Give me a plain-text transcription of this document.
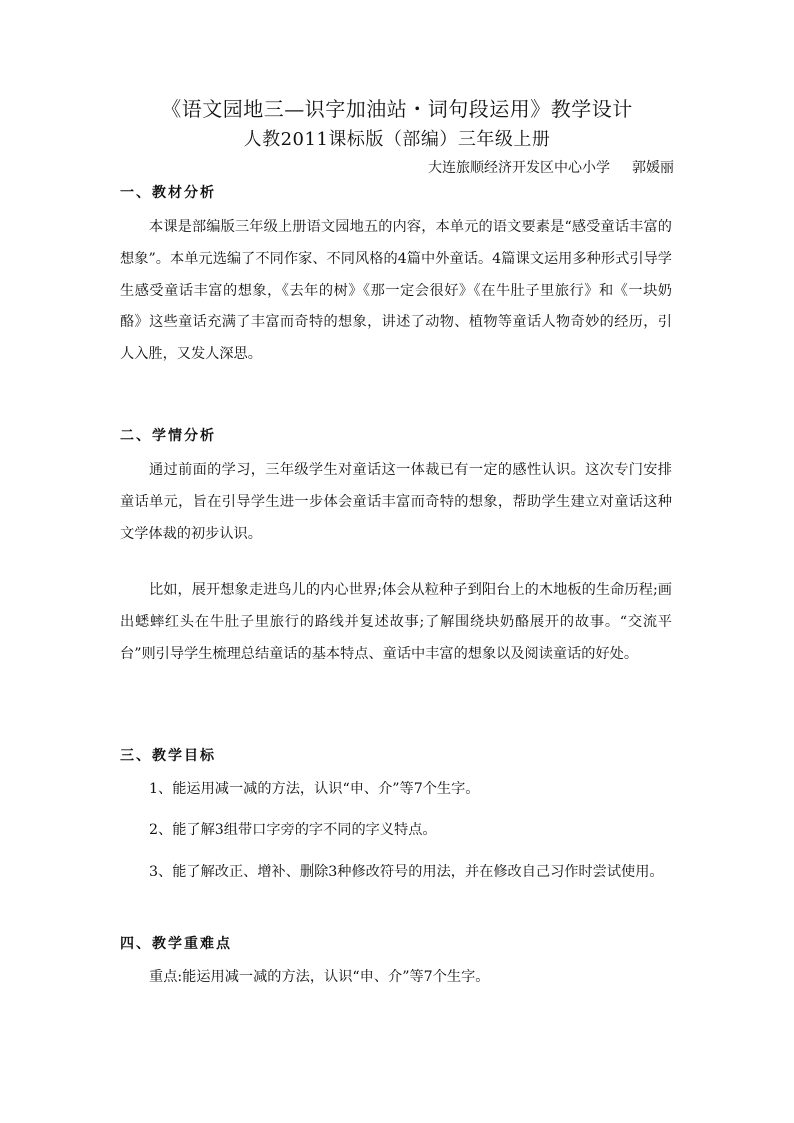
《语文园地三—识字加油站・词句段运用》教学设计
人教2011课标版（部编）三年级上册
大连旅顺经济开发区中心小学 郭媛丽
一、教材分析
本课是部编版三年级上册语文园地五的内容，本单元的语文要素是“感受童话丰富的想象”。本单元选编了不同作家、不同风格的4篇中外童话。4篇课文运用多种形式引导学生感受童话丰富的想象，《去年的树》《那一定会很好》《在牛肚子里旅行》和《一块奶酪》这些童话充满了丰富而奇特的想象，讲述了动物、植物等童话人物奇妙的经历，引人入胜，又发人深思。
二、学情分析
通过前面的学习，三年级学生对童话这一体裁已有一定的感性认识。这次专门安排童话单元，旨在引导学生进一步体会童话丰富而奇特的想象，帮助学生建立对童话这种文学体裁的初步认识。
比如，展开想象走进鸟儿的内心世界;体会从粒种子到阳台上的木地板的生命历程;画出蟋蟀红头在牛肚子里旅行的路线并复述故事;了解围绕块奶酪展开的故事。“交流平台”则引导学生梳理总结童话的基本特点、童话中丰富的想象以及阅读童话的好处。
三、教学目标
1、能运用减一减的方法，认识“申、介”等7个生字。
2、能了解3组带口字旁的字不同的字义特点。
3、能了解改正、增补、删除3种修改符号的用法，并在修改自己习作时尝试使用。
四、教学重难点
重点:能运用减一减的方法，认识“申、介”等7个生字。
